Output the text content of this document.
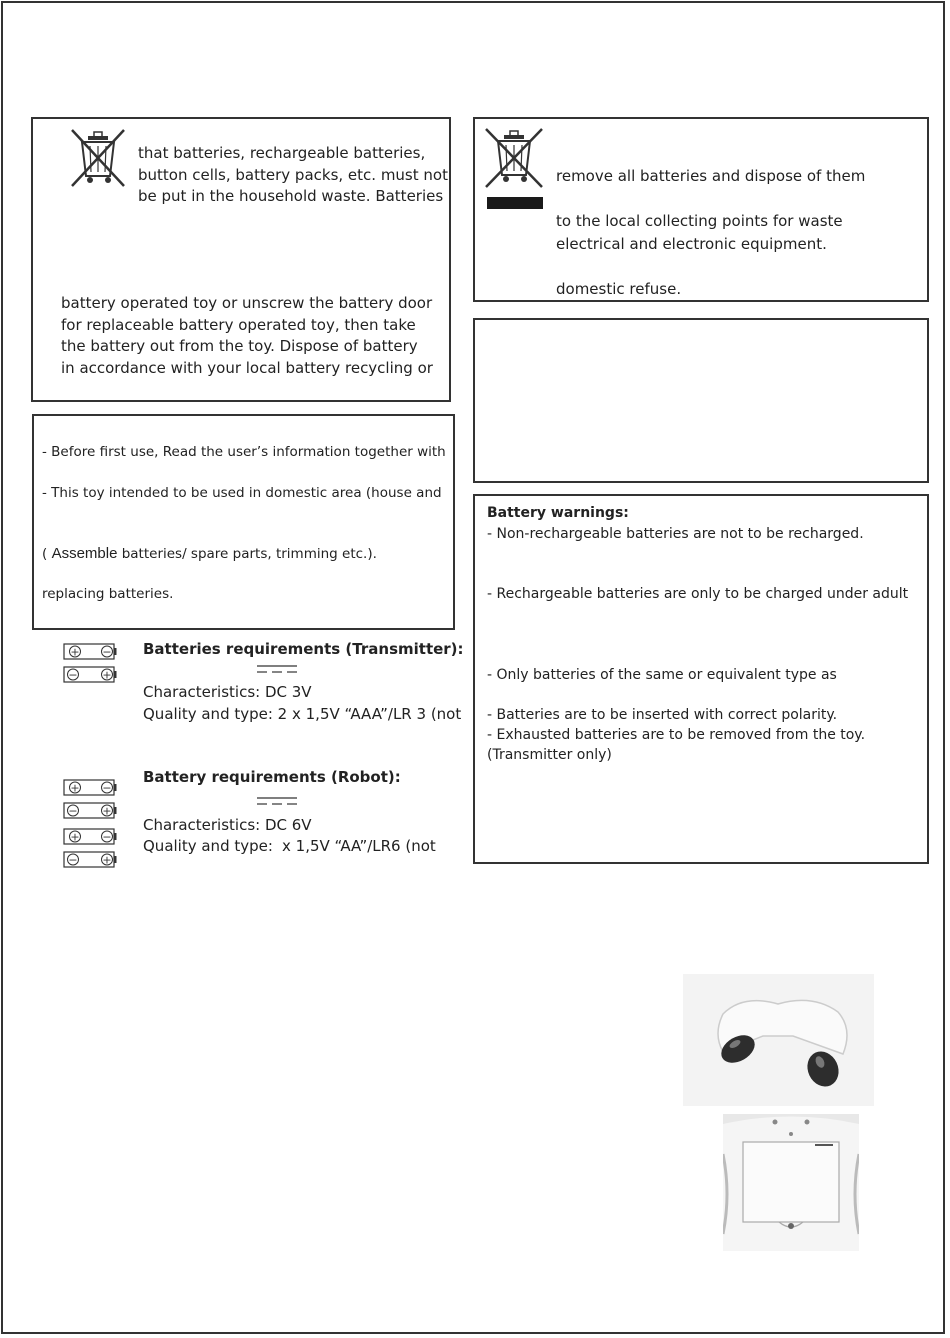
that batteries, rechargeable batteries,
button cells, battery packs, etc. must not
be put in the household waste. Batteries
battery operated toy or unscrew the battery door
for replaceable battery operated toy, then take
the battery out from the toy. Dispose of battery
in accordance with your local battery recycling or
remove all batteries and dispose of them
to the local collecting points for waste
electrical and electronic equipment.
domestic refuse.
- Before first use, Read the user’s information together with
- This toy intended to be used in domestic area (house and
( Assemble batteries/ spare parts, trimming etc.).
replacing batteries.
Battery warnings:
- Non-rechargeable batteries are not to be recharged.
- Rechargeable batteries are only to be charged under adult
- Only batteries of the same or equivalent type as
- Batteries are to be inserted with correct polarity.
- Exhausted batteries are to be removed from the toy.
(Transmitter only)
+ −
− +
Batteries requirements (Transmitter):
Characteristics: DC 3V
Quality and type: 2 x 1,5V “AAA”/LR 3 (not
+ −
− +
+ −
− +
Battery requirements (Robot):
Characteristics: DC 6V
Quality and type: x 1,5V “AA”/LR6 (not
